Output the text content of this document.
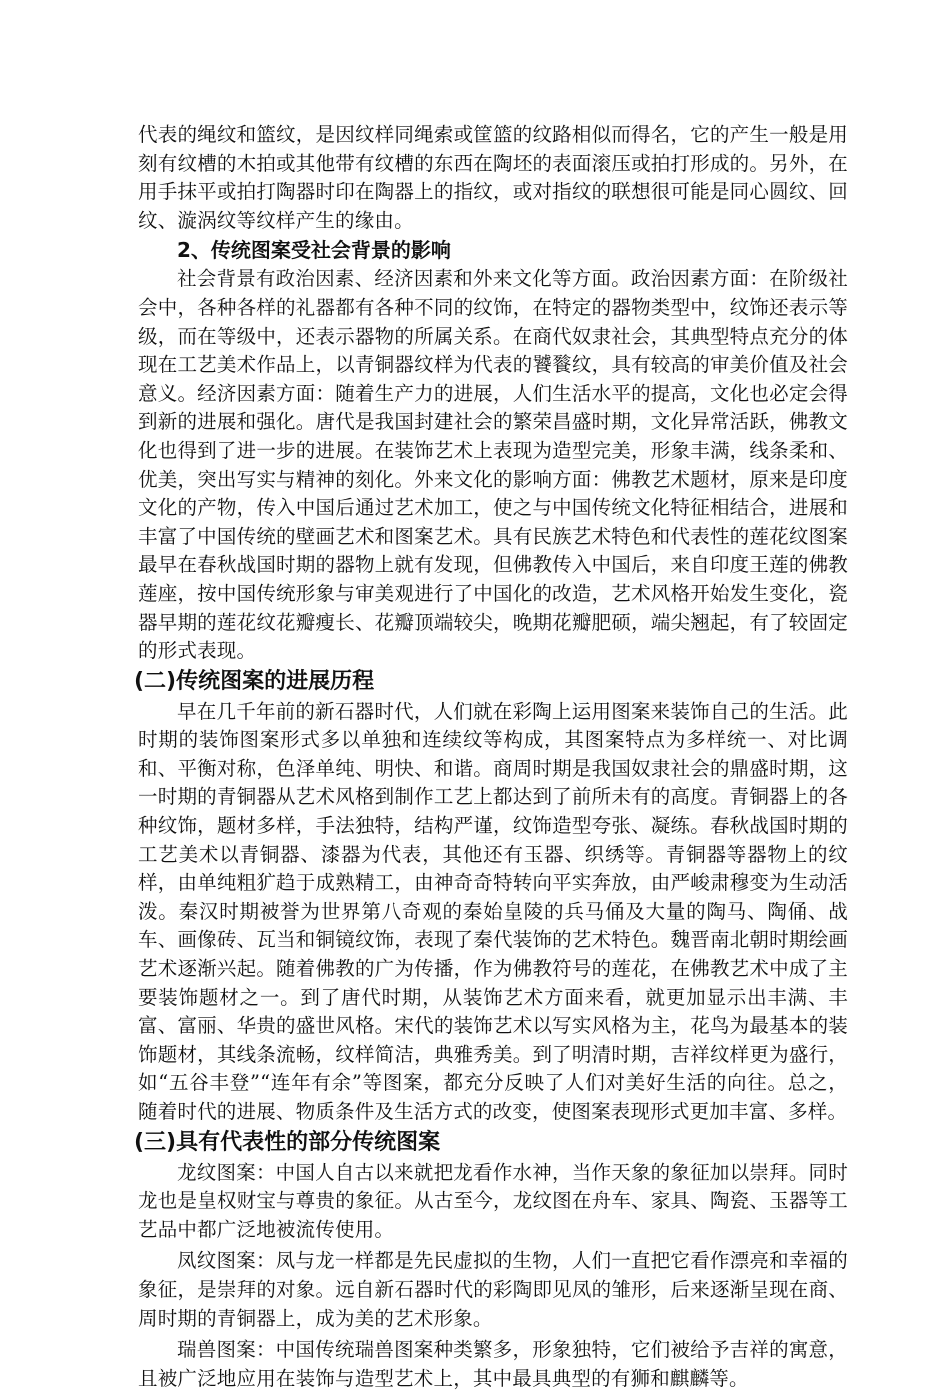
代表的绳纹和篮纹，是因纹样同绳索或筐篮的纹路相似而得名，它的产生一般是用刻有纹槽的木拍或其他带有纹槽的东西在陶坯的表面滚压或拍打形成的。另外，在用手抹平或拍打陶器时印在陶器上的指纹，或对指纹的联想很可能是同心圆纹、回纹、漩涡纹等纹样产生的缘由。

2、传统图案受社会背景的影响

社会背景有政治因素、经济因素和外来文化等方面。政治因素方面：在阶级社会中，各种各样的礼器都有各种不同的纹饰，在特定的器物类型中，纹饰还表示等级，而在等级中，还表示器物的所属关系。在商代奴隶社会，其典型特点充分的体现在工艺美术作品上，以青铜器纹样为代表的饕餮纹，具有较高的审美价值及社会意义。经济因素方面：随着生产力的进展，人们生活水平的提高，文化也必定会得到新的进展和强化。唐代是我国封建社会的繁荣昌盛时期，文化异常活跃，佛教文化也得到了进一步的进展。在装饰艺术上表现为造型完美，形象丰满，线条柔和、优美，突出写实与精神的刻化。外来文化的影响方面：佛教艺术题材，原来是印度文化的产物，传入中国后通过艺术加工，使之与中国传统文化特征相结合，进展和丰富了中国传统的壁画艺术和图案艺术。具有民族艺术特色和代表性的莲花纹图案最早在春秋战国时期的器物上就有发现，但佛教传入中国后，来自印度王莲的佛教莲座，按中国传统形象与审美观进行了中国化的改造，艺术风格开始发生变化，瓷器早期的莲花纹花瓣瘦长、花瓣顶端较尖，晚期花瓣肥硕，端尖翘起，有了较固定的形式表现。

(二)传统图案的进展历程

早在几千年前的新石器时代，人们就在彩陶上运用图案来装饰自己的生活。此时期的装饰图案形式多以单独和连续纹等构成，其图案特点为多样统一、对比调和、平衡对称，色泽单纯、明快、和谐。商周时期是我国奴隶社会的鼎盛时期，这一时期的青铜器从艺术风格到制作工艺上都达到了前所未有的高度。青铜器上的各种纹饰，题材多样，手法独特，结构严谨，纹饰造型夸张、凝练。春秋战国时期的工艺美术以青铜器、漆器为代表，其他还有玉器、织绣等。青铜器等器物上的纹样，由单纯粗犷趋于成熟精工，由神奇奇特转向平实奔放，由严峻肃穆变为生动活泼。秦汉时期被誉为世界第八奇观的秦始皇陵的兵马俑及大量的陶马、陶俑、战车、画像砖、瓦当和铜镜纹饰，表现了秦代装饰的艺术特色。魏晋南北朝时期绘画艺术逐渐兴起。随着佛教的广为传播，作为佛教符号的莲花，在佛教艺术中成了主要装饰题材之一。到了唐代时期，从装饰艺术方面来看，就更加显示出丰满、丰富、富丽、华贵的盛世风格。宋代的装饰艺术以写实风格为主，花鸟为最基本的装饰题材，其线条流畅，纹样简洁，典雅秀美。到了明清时期，吉祥纹样更为盛行，如“五谷丰登”“连年有余”等图案，都充分反映了人们对美好生活的向往。总之，随着时代的进展、物质条件及生活方式的改变，使图案表现形式更加丰富、多样。

(三)具有代表性的部分传统图案

龙纹图案：中国人自古以来就把龙看作水神，当作天象的象征加以崇拜。同时龙也是皇权财宝与尊贵的象征。从古至今，龙纹图在舟车、家具、陶瓷、玉器等工艺品中都广泛地被流传使用。

凤纹图案：凤与龙一样都是先民虚拟的生物，人们一直把它看作漂亮和幸福的象征，是崇拜的对象。远自新石器时代的彩陶即见凤的雏形，后来逐渐呈现在商、周时期的青铜器上，成为美的艺术形象。

瑞兽图案：中国传统瑞兽图案种类繁多，形象独特，它们被给予吉祥的寓意，且被广泛地应用在装饰与造型艺术上，其中最具典型的有狮和麒麟等。
